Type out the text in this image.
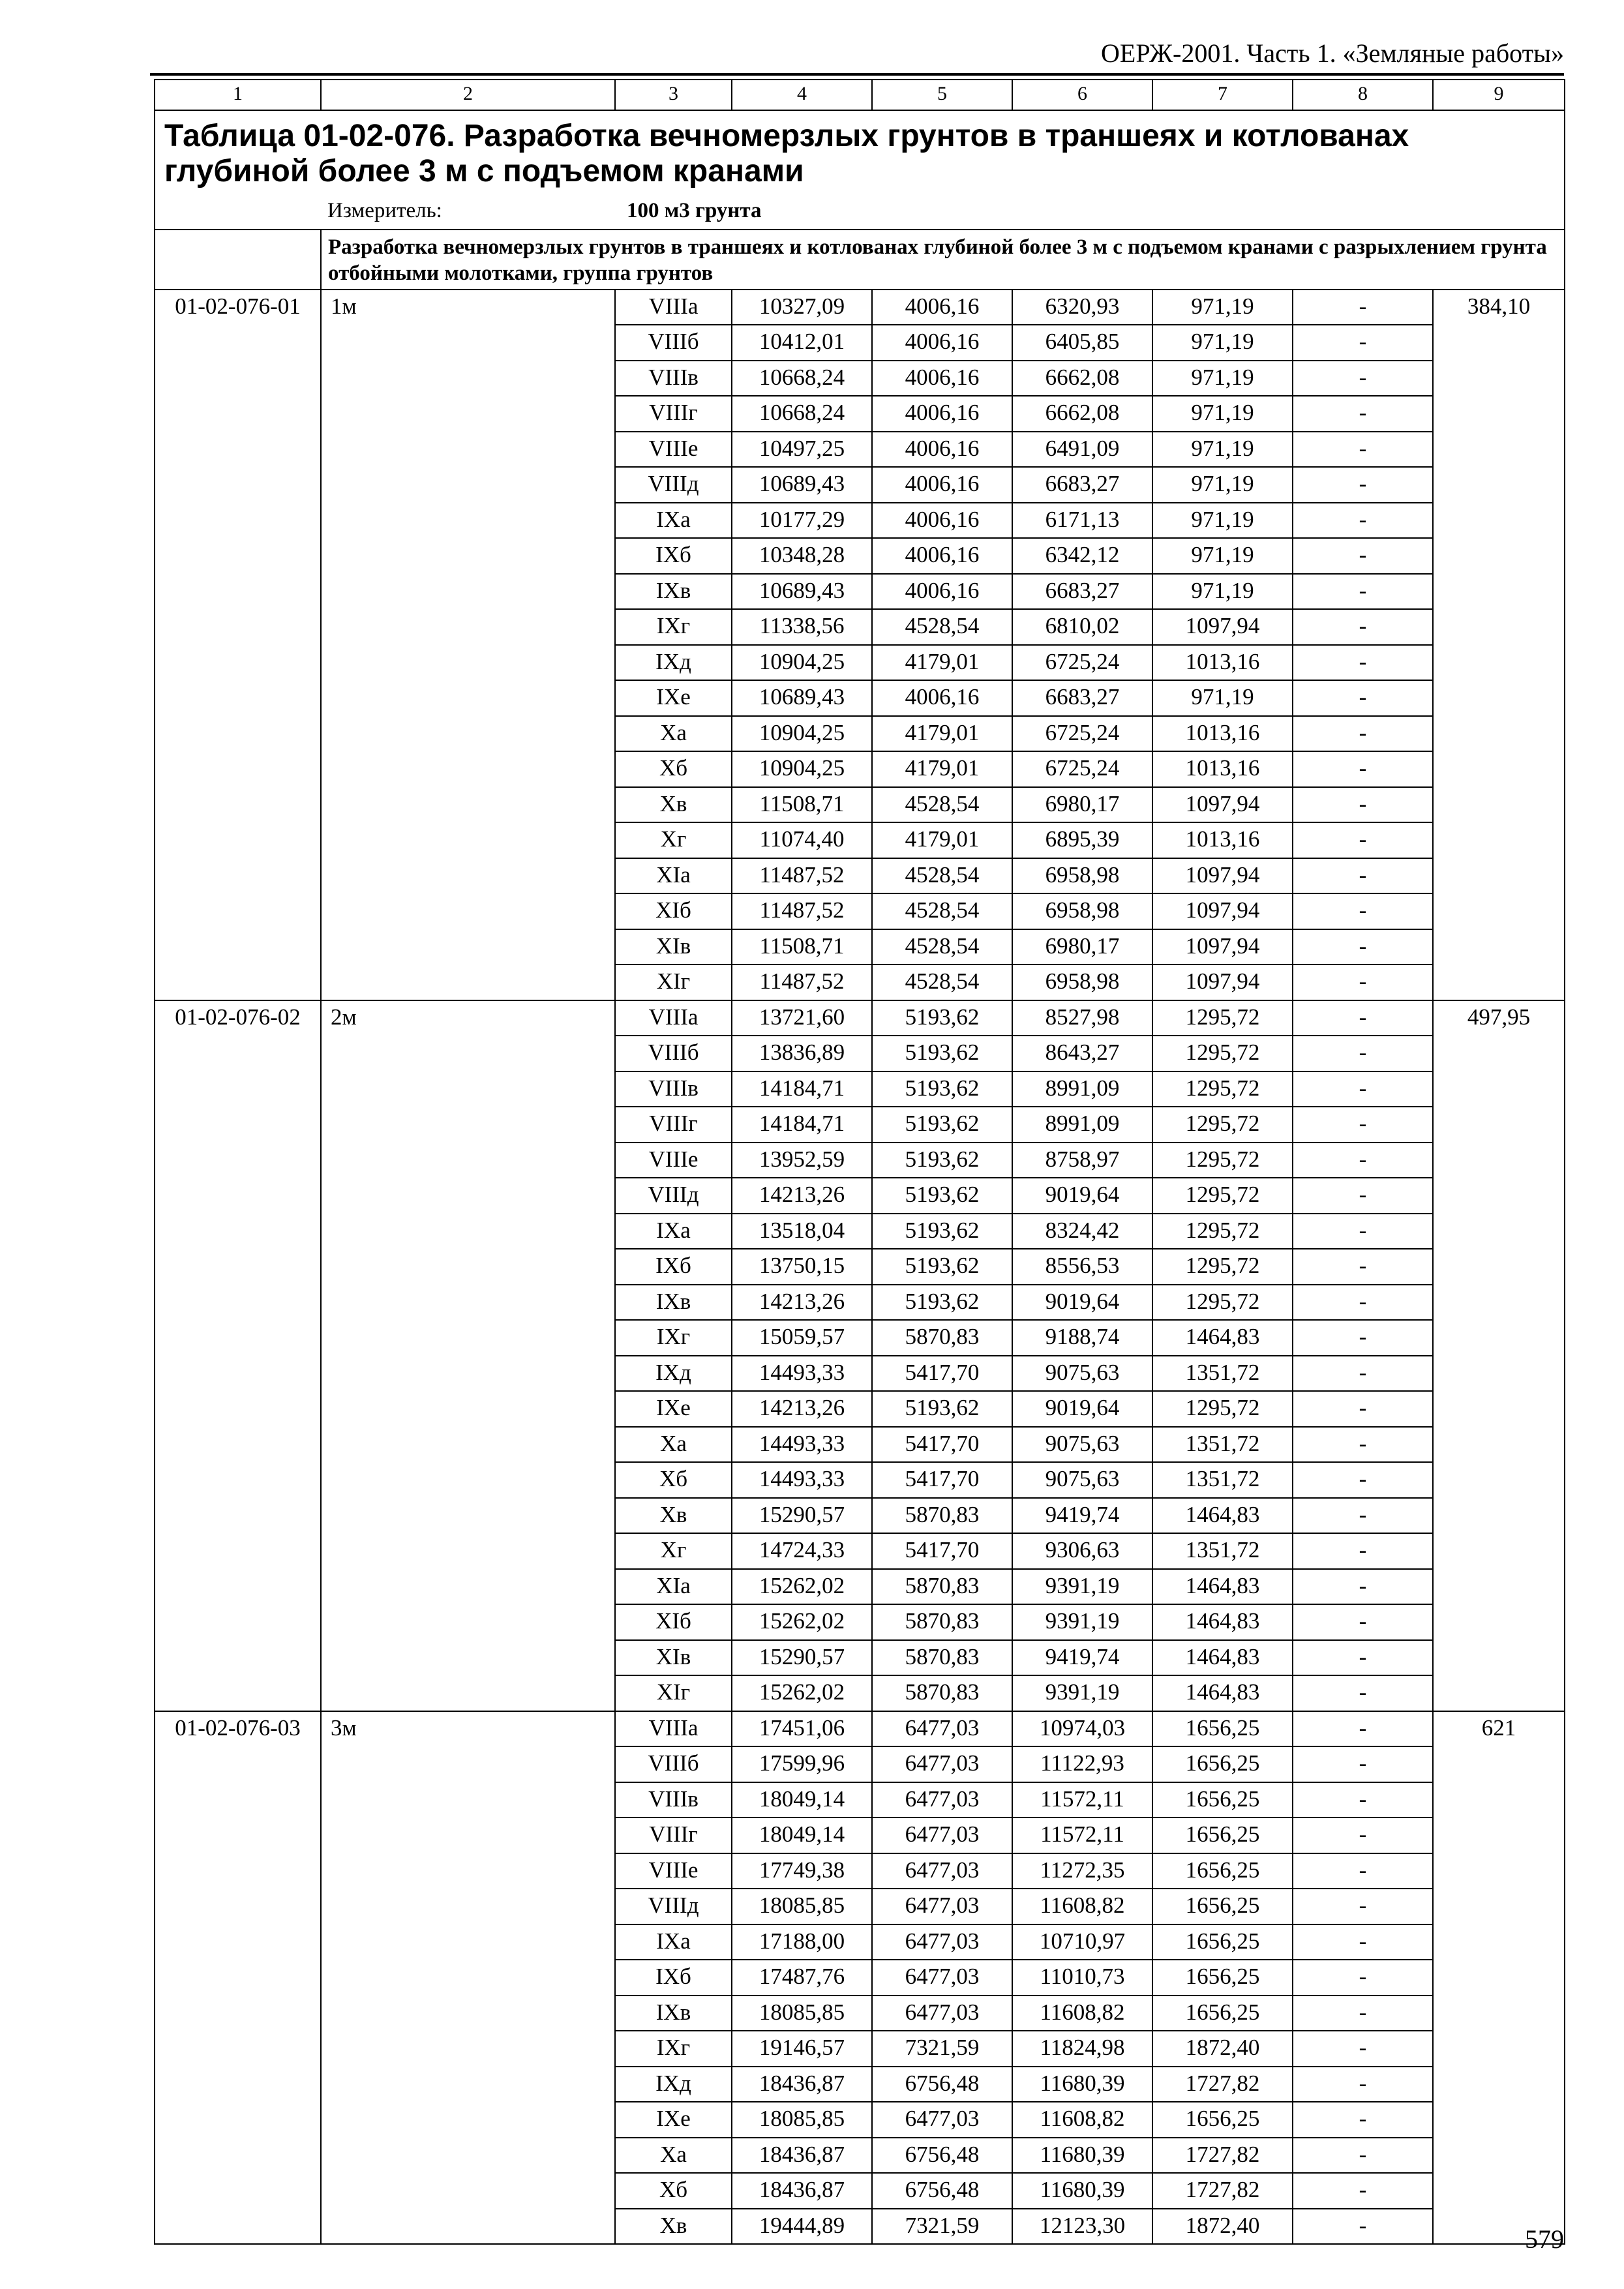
ОЕРЖ-2001. Часть 1. «Земляные работы»
1	2	3	4	5	6	7	8	9
Таблица 01-02-076. Разработка вечномерзлых грунтов в траншеях и котлованах глубиной более 3 м с подъемом кранами								
	Измеритель:	100 м3 грунта						
	Разработка вечномерзлых грунтов в траншеях и котлованах глубиной более 3 м с подъемом кранами с разрыхлением грунта отбойными молотками, группа грунтов							
01-02-076-01	1м	VIIIа	10327,09	4006,16	6320,93	971,19	-	384,10
		VIIIб	10412,01	4006,16	6405,85	971,19	-	
		VIIIв	10668,24	4006,16	6662,08	971,19	-	
		VIIIг	10668,24	4006,16	6662,08	971,19	-	
		VIIIе	10497,25	4006,16	6491,09	971,19	-	
		VIIIд	10689,43	4006,16	6683,27	971,19	-	
		IXа	10177,29	4006,16	6171,13	971,19	-	
		IXб	10348,28	4006,16	6342,12	971,19	-	
		IXв	10689,43	4006,16	6683,27	971,19	-	
		IXг	11338,56	4528,54	6810,02	1097,94	-	
		IXд	10904,25	4179,01	6725,24	1013,16	-	
		IXе	10689,43	4006,16	6683,27	971,19	-	
		Xа	10904,25	4179,01	6725,24	1013,16	-	
		Xб	10904,25	4179,01	6725,24	1013,16	-	
		Xв	11508,71	4528,54	6980,17	1097,94	-	
		Xг	11074,40	4179,01	6895,39	1013,16	-	
		XIа	11487,52	4528,54	6958,98	1097,94	-	
		XIб	11487,52	4528,54	6958,98	1097,94	-	
		XIв	11508,71	4528,54	6980,17	1097,94	-	
		XIг	11487,52	4528,54	6958,98	1097,94	-	
01-02-076-02	2м	VIIIа	13721,60	5193,62	8527,98	1295,72	-	497,95
		VIIIб	13836,89	5193,62	8643,27	1295,72	-	
		VIIIв	14184,71	5193,62	8991,09	1295,72	-	
		VIIIг	14184,71	5193,62	8991,09	1295,72	-	
		VIIIе	13952,59	5193,62	8758,97	1295,72	-	
		VIIIд	14213,26	5193,62	9019,64	1295,72	-	
		IXа	13518,04	5193,62	8324,42	1295,72	-	
		IXб	13750,15	5193,62	8556,53	1295,72	-	
		IXв	14213,26	5193,62	9019,64	1295,72	-	
		IXг	15059,57	5870,83	9188,74	1464,83	-	
		IXд	14493,33	5417,70	9075,63	1351,72	-	
		IXе	14213,26	5193,62	9019,64	1295,72	-	
		Xа	14493,33	5417,70	9075,63	1351,72	-	
		Xб	14493,33	5417,70	9075,63	1351,72	-	
		Xв	15290,57	5870,83	9419,74	1464,83	-	
		Xг	14724,33	5417,70	9306,63	1351,72	-	
		XIа	15262,02	5870,83	9391,19	1464,83	-	
		XIб	15262,02	5870,83	9391,19	1464,83	-	
		XIв	15290,57	5870,83	9419,74	1464,83	-	
		XIг	15262,02	5870,83	9391,19	1464,83	-	
01-02-076-03	3м	VIIIа	17451,06	6477,03	10974,03	1656,25	-	621
		VIIIб	17599,96	6477,03	11122,93	1656,25	-	
		VIIIв	18049,14	6477,03	11572,11	1656,25	-	
		VIIIг	18049,14	6477,03	11572,11	1656,25	-	
		VIIIе	17749,38	6477,03	11272,35	1656,25	-	
		VIIIд	18085,85	6477,03	11608,82	1656,25	-	
		IXа	17188,00	6477,03	10710,97	1656,25	-	
		IXб	17487,76	6477,03	11010,73	1656,25	-	
		IXв	18085,85	6477,03	11608,82	1656,25	-	
		IXг	19146,57	7321,59	11824,98	1872,40	-	
		IXд	18436,87	6756,48	11680,39	1727,82	-	
		IXе	18085,85	6477,03	11608,82	1656,25	-	
		Xа	18436,87	6756,48	11680,39	1727,82	-	
		Xб	18436,87	6756,48	11680,39	1727,82	-	
		Xв	19444,89	7321,59	12123,30	1872,40	-		579
